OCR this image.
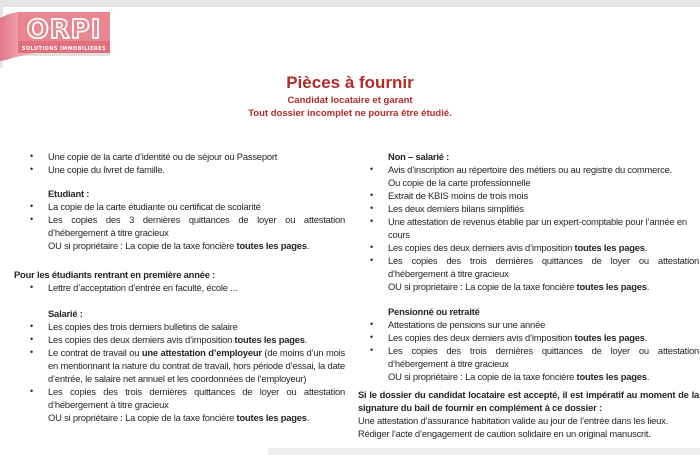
ORPI
SOLUTIONS IMMOBILIERES
Pièces à fournir
Candidat locataire et garant
Tout dossier incomplet ne pourra être étudié.
• Une copie de la carte d’identité ou de séjour ou Passeport
• Une copie du livret de famille.
Etudiant :
• La copie de la carte étudiante ou certificat de scolarité
• Les copies des 3 dernières quittances de loyer ou attestation d’hébergement à titre gracieux
OU si propriétaire : La copie de la taxe foncière toutes les pages.
Pour les étudiants rentrant en première année :
• Lettre d’acceptation d’entrée en faculté, école ...
Salarié :
• Les copies des trois derniers bulletins de salaire
• Les copies des deux derniers avis d’imposition toutes les pages.
• Le contrat de travail ou une attestation d’employeur (de moins d’un mois en mentionnant la nature du contrat de travail, hors période d’essai, la date d’entrée, le salaire net annuel et les coordonnées de l’employeur)
• Les copies des trois dernières quittances de loyer ou attestation d’hébergement à titre gracieux
OU si propriétaire : La copie de la taxe foncière toutes les pages.
Non – salarié :
• Avis d’inscription au répertoire des métiers ou au registre du commerce.
Ou copie de la carte professionnelle
• Extrait de KBIS moins de trois mois
• Les deux derniers bilans simplifiés
• Une attestation de revenus établie par un expert-comptable pour l’année en cours
• Les copies des deux derniers avis d’imposition toutes les pages.
• Les copies des trois dernières quittances de loyer ou attestation d’hébergement à titre gracieux
OU si propriétaire : La copie de la taxe foncière toutes les pages.
Pensionné ou retraité
• Attestations de pensions sur une année
• Les copies des deux derniers avis d’imposition toutes les pages.
• Les copies des trois dernières quittances de loyer ou attestation d’hébergement à titre gracieux
OU si propriétaire : La copie de la taxe foncière toutes les pages.
Si le dossier du candidat locataire est accepté, il est impératif au moment de la signature du bail de fournir en complément à ce dossier :
Une attestation d’assurance habitation valide au jour de l’entrée dans les lieux.
Rédiger l’acte d’engagement de caution solidaire en un original manuscrit.
